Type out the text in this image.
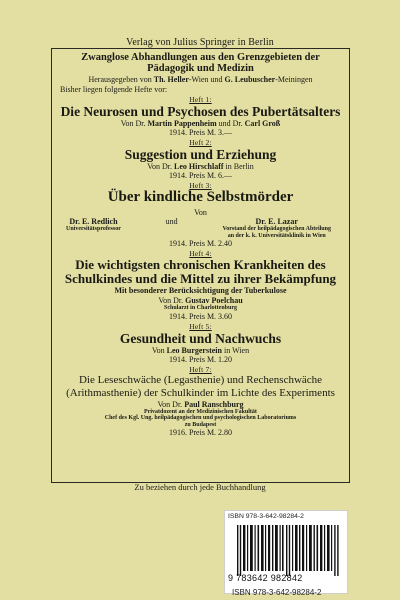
Verlag von Julius Springer in Berlin
Zwanglose Abhandlungen aus den Grenzgebieten der
Pädagogik und Medizin
Herausgegeben von Th. Heller-Wien und G. Leubuscher-Meiningen
Bisher liegen folgende Hefte vor:
Heft 1:
Die Neurosen und Psychosen des Pubertätsalters
Von Dr. Martin Pappenheim und Dr. Carl Groß
1914. Preis M. 3.—
Heft 2:
Suggestion und Erziehung
Von Dr. Leo Hirschlaff in Berlin
1914. Preis M. 6.—
Heft 3:
Über kindliche Selbstmörder
Von
Dr. E. Redlich
Universitätsprofessor
und	Dr. E. Lazar
Vorstand der heilpädagogischen Abteilung
an der k. k. Universitätsklinik in Wien
1914. Preis M. 2.40
Heft 4:
Die wichtigsten chronischen Krankheiten des
Schulkindes und die Mittel zu ihrer Bekämpfung
Mit besonderer Berücksichtigung der Tuberkulose
Von Dr. Gustav Poelchau
Schularzt in Charlottenburg
1914. Preis M. 3.60
Heft 5:
Gesundheit und Nachwuchs
Von Leo Burgerstein in Wien
1914. Preis M. 1.20
Heft 7:
Die Leseschwäche (Legasthenie) und Rechenschwäche
(Arithmasthenie) der Schulkinder im Lichte des Experiments
Von Dr. Paul Ranschburg
Privatdozent an der Medizinischen Fakultät
Chef des Kgl. Ung. heilpädagogischen und psychologischen Laboratoriums
zu Budapest
1916. Preis M. 2.80
Zu beziehen durch jede Buchhandlung
ISBN 978-3-642-98284-2
9 783642 982842
ISBN 978-3-642-98284-2
